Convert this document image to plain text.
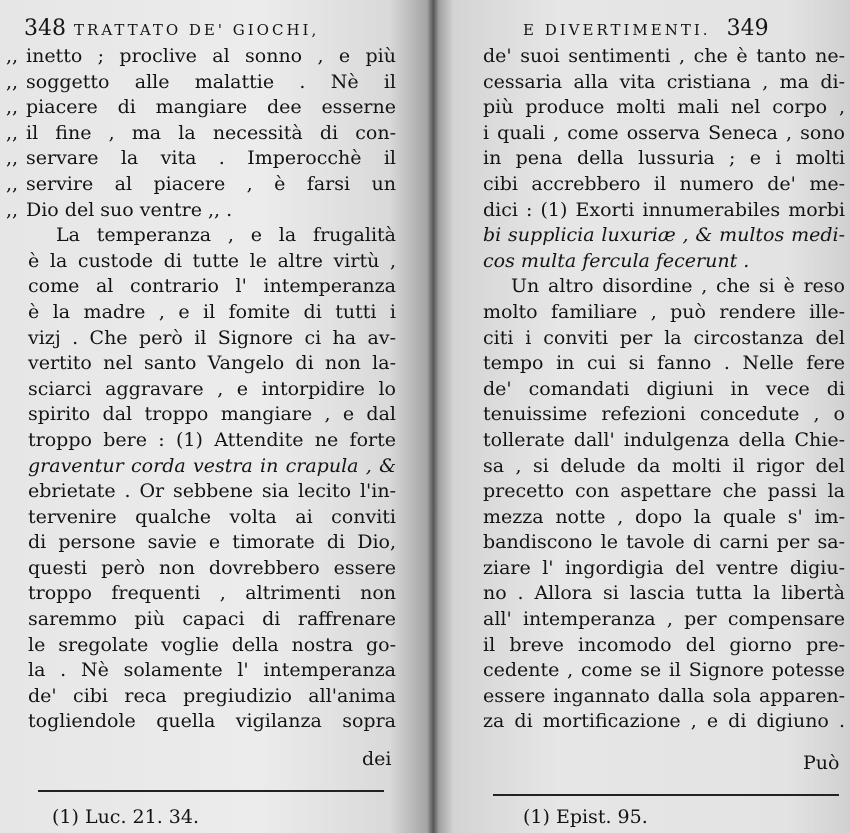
348 TRATTATO DE' GIOCHI,
,, inetto ; proclive al sonno , e più
,, soggetto alle malattie . Nè il
,, piacere di mangiare dee esserne
,, il fine , ma la necessità di con-
,, servare la vita . Imperocchè il
,, servire al piacere , è farsi un
,, Dio del suo ventre ,, .
La temperanza , e la frugalità
è la custode di tutte le altre virtù ,
come al contrario l' intemperanza
è la madre , e il fomite di tutti i
vizj . Che però il Signore ci ha av-
vertito nel santo Vangelo di non la-
sciarci aggravare , e intorpidire lo
spirito dal troppo mangiare , e dal
troppo bere : (1) Attendite ne forte
graventur corda vestra in crapula , &
ebrietate . Or sebbene sia lecito l'in-
tervenire qualche volta ai conviti
di persone savie e timorate di Dio,
questi però non dovrebbero essere
troppo frequenti , altrimenti non
saremmo più capaci di raffrenare
le sregolate voglie della nostra go-
la . Nè solamente l' intemperanza
de' cibi reca pregiudizio all'anima
togliendole quella vigilanza sopra
dei
(1) Luc. 21. 34.
E DIVERTIMENTI. 349
de' suoi sentimenti , che è tanto ne-
cessaria alla vita cristiana , ma di-
più produce molti mali nel corpo ,
i quali , come osserva Seneca , sono
in pena della lussuria ; e i molti
cibi accrebbero il numero de' me-
dici : (1) Exorti innumerabiles morbi
bi supplicia luxuriæ , & multos medi-
cos multa fercula fecerunt .
Un altro disordine , che si è reso
molto familiare , può rendere ille-
citi i conviti per la circostanza del
tempo in cui si fanno . Nelle fere
de' comandati digiuni in vece di
tenuissime refezioni concedute , o
tollerate dall' indulgenza della Chie-
sa , si delude da molti il rigor del
precetto con aspettare che passi la
mezza notte , dopo la quale s' im-
bandiscono le tavole di carni per sa-
ziare l' ingordigia del ventre digiu-
no . Allora si lascia tutta la libertà
all' intemperanza , per compensare
il breve incomodo del giorno pre-
cedente , come se il Signore potesse
essere ingannato dalla sola apparen-
za di mortificazione , e di digiuno .
Può
(1) Epist. 95.
